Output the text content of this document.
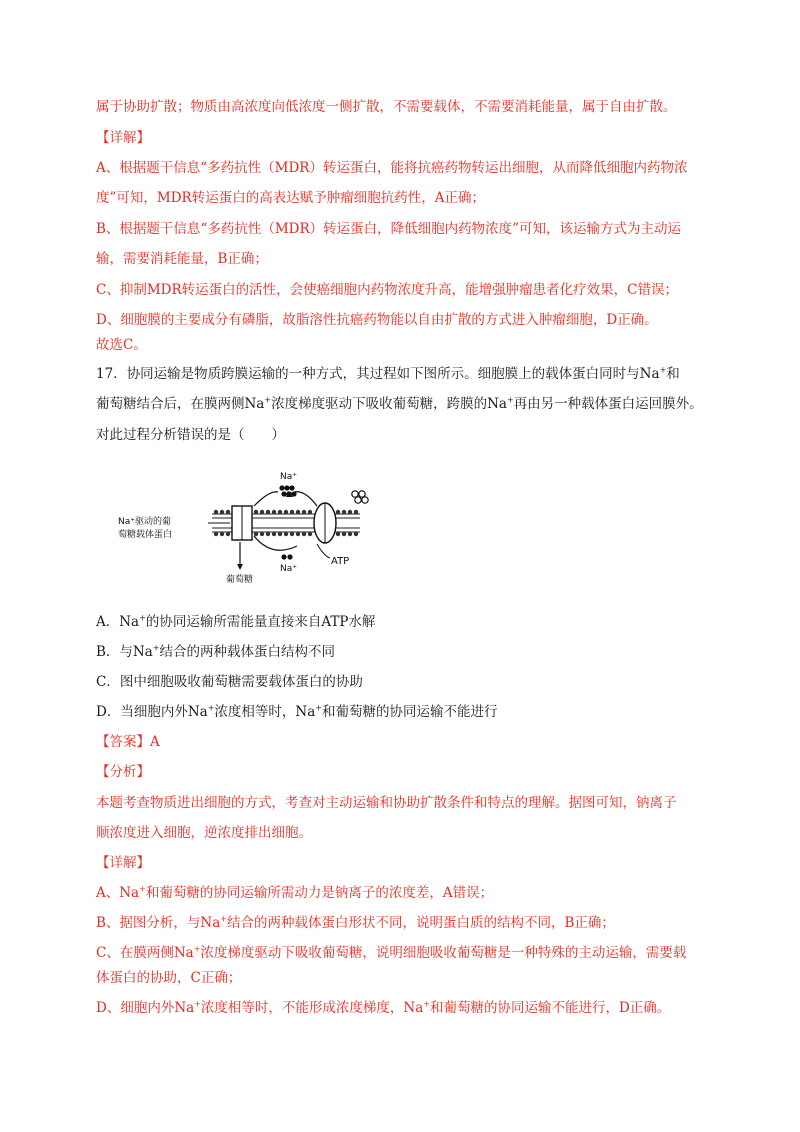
属于协助扩散；物质由高浓度向低浓度一侧扩散，不需要载体，不需要消耗能量，属于自由扩散。
【详解】
A、根据题干信息“多药抗性（MDR）转运蛋白，能将抗癌药物转运出细胞，从而降低细胞内药物浓
度”可知，MDR转运蛋白的高表达赋予肿瘤细胞抗药性，A正确；
B、根据题干信息“多药抗性（MDR）转运蛋白，降低细胞内药物浓度”可知，该运输方式为主动运
输，需要消耗能量，B正确；
C、抑制MDR转运蛋白的活性，会使癌细胞内药物浓度升高，能增强肿瘤患者化疗效果，C错误；
D、细胞膜的主要成分有磷脂，故脂溶性抗癌药物能以自由扩散的方式进入肿瘤细胞，D正确。
故选C。
17．协同运输是物质跨膜运输的一种方式，其过程如下图所示。细胞膜上的载体蛋白同时与Na+和
葡萄糖结合后，在膜两侧Na+浓度梯度驱动下吸收葡萄糖，跨膜的Na+再由另一种载体蛋白运回膜外。
对此过程分析错误的是（　　）
Na⁺驱动的葡
萄糖载体蛋白
Na⁺
Na⁺
ATP
葡萄糖
A．Na+的协同运输所需能量直接来自ATP水解
B．与Na+结合的两种载体蛋白结构不同
C．图中细胞吸收葡萄糖需要载体蛋白的协助
D．当细胞内外Na+浓度相等时，Na+和葡萄糖的协同运输不能进行
【答案】A
【分析】
本题考查物质进出细胞的方式，考查对主动运输和协助扩散条件和特点的理解。据图可知，钠离子
顺浓度进入细胞，逆浓度排出细胞。
【详解】
A、Na+和葡萄糖的协同运输所需动力是钠离子的浓度差，A错误；
B、据图分析，与Na+结合的两种载体蛋白形状不同，说明蛋白质的结构不同，B正确；
C、在膜两侧Na+浓度梯度驱动下吸收葡萄糖，说明细胞吸收葡萄糖是一种特殊的主动运输，需要载
体蛋白的协助，C正确；
D、细胞内外Na+浓度相等时，不能形成浓度梯度，Na+和葡萄糖的协同运输不能进行，D正确。
